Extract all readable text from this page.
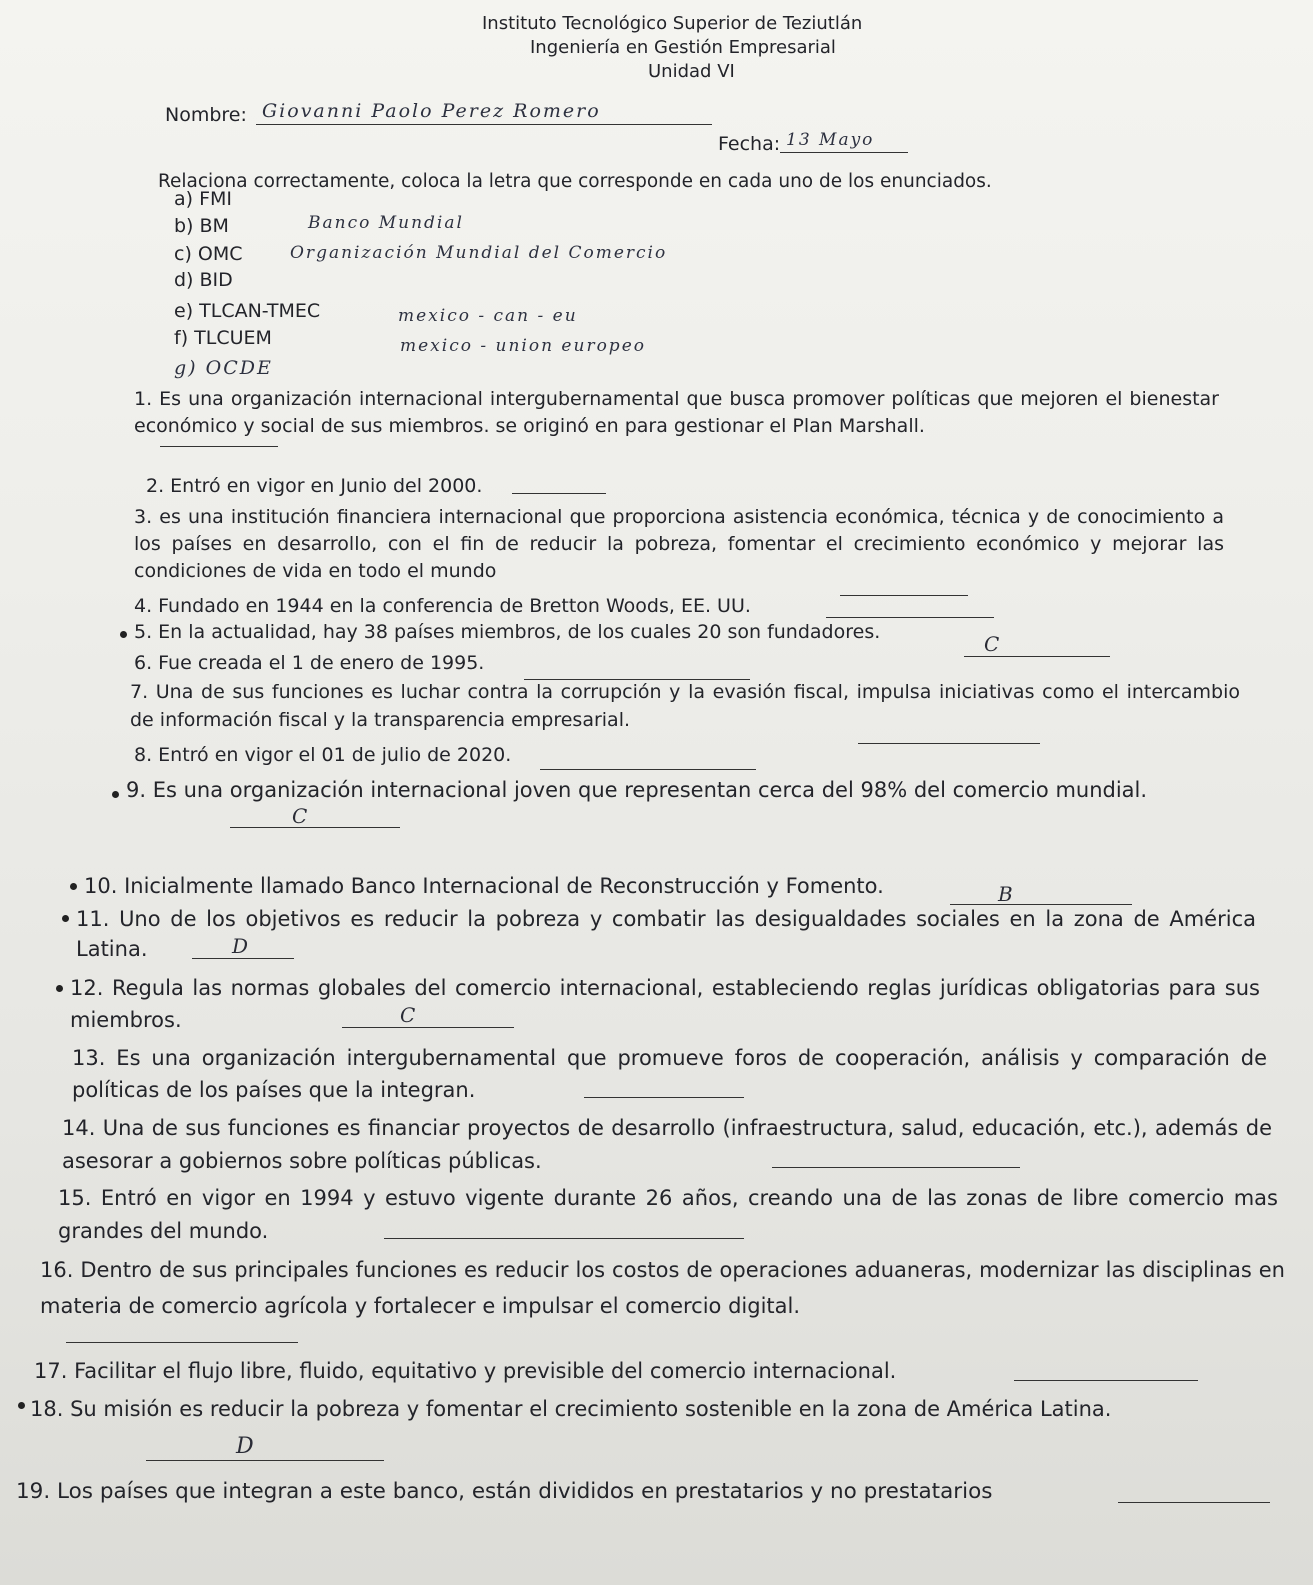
Instituto Tecnológico Superior de Teziutlán
Ingeniería en Gestión Empresarial
Unidad VI
Nombre: Giovanni Paolo Perez Romero
Fecha: 13 Mayo
Relaciona correctamente, coloca la letra que corresponde en cada uno de los enunciados.
a) FMI
b) BM	Banco Mundial
c) OMC	Organización Mundial del Comercio
d) BID
e) TLCAN-TMEC	mexico - can - eu
f) TLCUEM	mexico - union europeo
g) OCDE
1. Es una organización internacional intergubernamental que busca promover políticas que mejoren el bienestar económico y social de sus miembros. se originó en para gestionar el Plan Marshall.
2. Entró en vigor en Junio del 2000.
3. es una institución financiera internacional que proporciona asistencia económica, técnica y de conocimiento a los países en desarrollo, con el fin de reducir la pobreza, fomentar el crecimiento económico y mejorar las condiciones de vida en todo el mundo
4. Fundado en 1944 en la conferencia de Bretton Woods, EE. UU.
5. En la actualidad, hay 38 países miembros, de los cuales 20 son fundadores.	C
6. Fue creada el 1 de enero de 1995.
7. Una de sus funciones es luchar contra la corrupción y la evasión fiscal, impulsa iniciativas como el intercambio de información fiscal y la transparencia empresarial.
8. Entró en vigor el 01 de julio de 2020.
9. Es una organización internacional joven que representan cerca del 98% del comercio mundial.
C
10. Inicialmente llamado Banco Internacional de Reconstrucción y Fomento.	B
11. Uno de los objetivos es reducir la pobreza y combatir las desigualdades sociales en la zona de América Latina.	D
12. Regula las normas globales del comercio internacional, estableciendo reglas jurídicas obligatorias para sus miembros.	C
13. Es una organización intergubernamental que promueve foros de cooperación, análisis y comparación de políticas de los países que la integran.
14. Una de sus funciones es financiar proyectos de desarrollo (infraestructura, salud, educación, etc.), además de asesorar a gobiernos sobre políticas públicas.
15. Entró en vigor en 1994 y estuvo vigente durante 26 años, creando una de las zonas de libre comercio mas grandes del mundo.
16. Dentro de sus principales funciones es reducir los costos de operaciones aduaneras, modernizar las disciplinas en materia de comercio agrícola y fortalecer e impulsar el comercio digital.
17. Facilitar el flujo libre, fluido, equitativo y previsible del comercio internacional.
18. Su misión es reducir la pobreza y fomentar el crecimiento sostenible en la zona de América Latina.
D
19. Los países que integran a este banco, están divididos en prestatarios y no prestatarios
